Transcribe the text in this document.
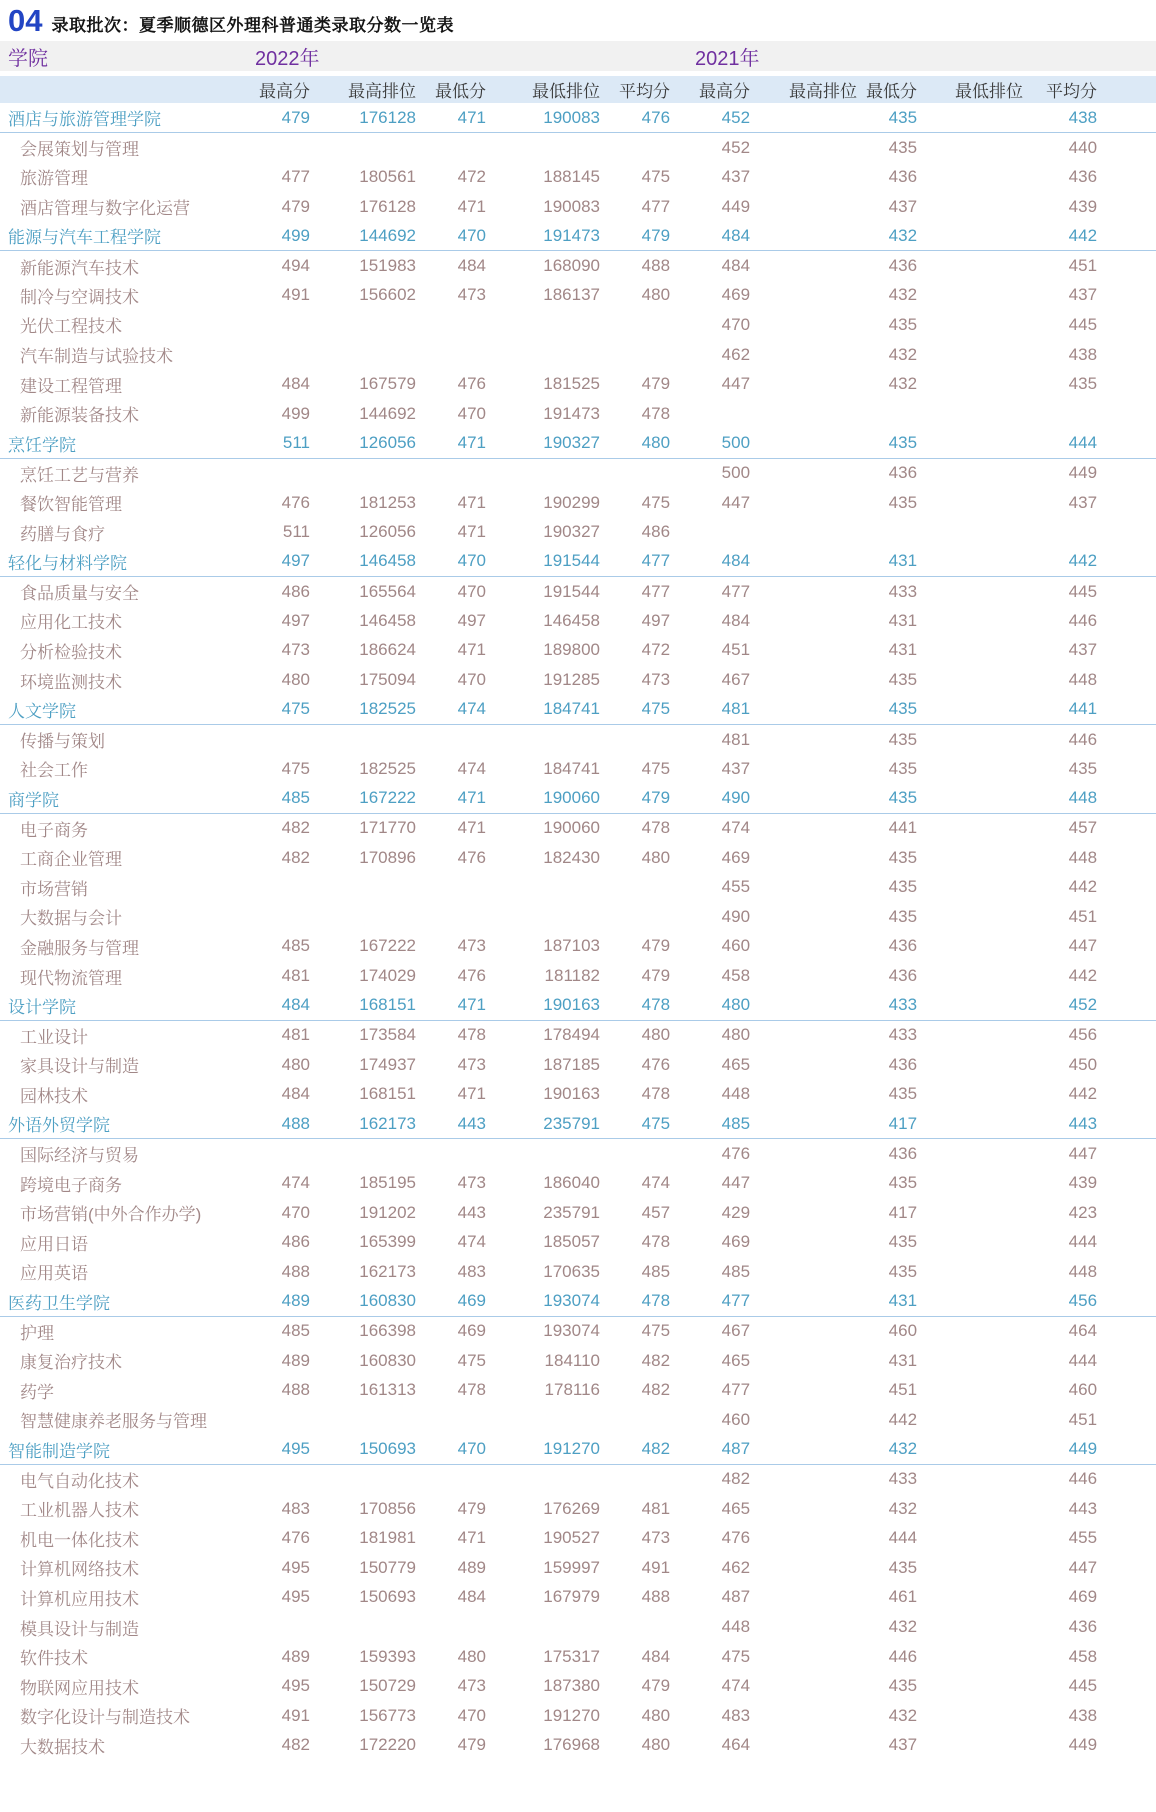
04 录取批次：夏季顺德区外理科普通类录取分数一览表
学院	2022年					2021年					

	最高分	最高排位	最低分	最低排位	平均分	最高分	最高排位	最低分	最低排位	平均分	
酒店与旅游管理学院	479	176128	471	190083	476	452		435		438	
会展策划与管理						452		435		440	
旅游管理	477	180561	472	188145	475	437		436		436	
酒店管理与数字化运营	479	176128	471	190083	477	449		437		439	
能源与汽车工程学院	499	144692	470	191473	479	484		432		442	
新能源汽车技术	494	151983	484	168090	488	484		436		451	
制冷与空调技术	491	156602	473	186137	480	469		432		437	
光伏工程技术						470		435		445	
汽车制造与试验技术						462		432		438	
建设工程管理	484	167579	476	181525	479	447		432		435	
新能源装备技术	499	144692	470	191473	478						
烹饪学院	511	126056	471	190327	480	500		435		444	
烹饪工艺与营养						500		436		449	
餐饮智能管理	476	181253	471	190299	475	447		435		437	
药膳与食疗	511	126056	471	190327	486						
轻化与材料学院	497	146458	470	191544	477	484		431		442	
食品质量与安全	486	165564	470	191544	477	477		433		445	
应用化工技术	497	146458	497	146458	497	484		431		446	
分析检验技术	473	186624	471	189800	472	451		431		437	
环境监测技术	480	175094	470	191285	473	467		435		448	
人文学院	475	182525	474	184741	475	481		435		441	
传播与策划						481		435		446	
社会工作	475	182525	474	184741	475	437		435		435	
商学院	485	167222	471	190060	479	490		435		448	
电子商务	482	171770	471	190060	478	474		441		457	
工商企业管理	482	170896	476	182430	480	469		435		448	
市场营销						455		435		442	
大数据与会计						490		435		451	
金融服务与管理	485	167222	473	187103	479	460		436		447	
现代物流管理	481	174029	476	181182	479	458		436		442	
设计学院	484	168151	471	190163	478	480		433		452	
工业设计	481	173584	478	178494	480	480		433		456	
家具设计与制造	480	174937	473	187185	476	465		436		450	
园林技术	484	168151	471	190163	478	448		435		442	
外语外贸学院	488	162173	443	235791	475	485		417		443	
国际经济与贸易						476		436		447	
跨境电子商务	474	185195	473	186040	474	447		435		439	
市场营销(中外合作办学)	470	191202	443	235791	457	429		417		423	
应用日语	486	165399	474	185057	478	469		435		444	
应用英语	488	162173	483	170635	485	485		435		448	
医药卫生学院	489	160830	469	193074	478	477		431		456	
护理	485	166398	469	193074	475	467		460		464	
康复治疗技术	489	160830	475	184110	482	465		431		444	
药学	488	161313	478	178116	482	477		451		460	
智慧健康养老服务与管理						460		442		451	
智能制造学院	495	150693	470	191270	482	487		432		449	
电气自动化技术						482		433		446	
工业机器人技术	483	170856	479	176269	481	465		432		443	
机电一体化技术	476	181981	471	190527	473	476		444		455	
计算机网络技术	495	150779	489	159997	491	462		435		447	
计算机应用技术	495	150693	484	167979	488	487		461		469	
模具设计与制造						448		432		436	
软件技术	489	159393	480	175317	484	475		446		458	
物联网应用技术	495	150729	473	187380	479	474		435		445	
数字化设计与制造技术	491	156773	470	191270	480	483		432		438	
大数据技术	482	172220	479	176968	480	464		437		449	
